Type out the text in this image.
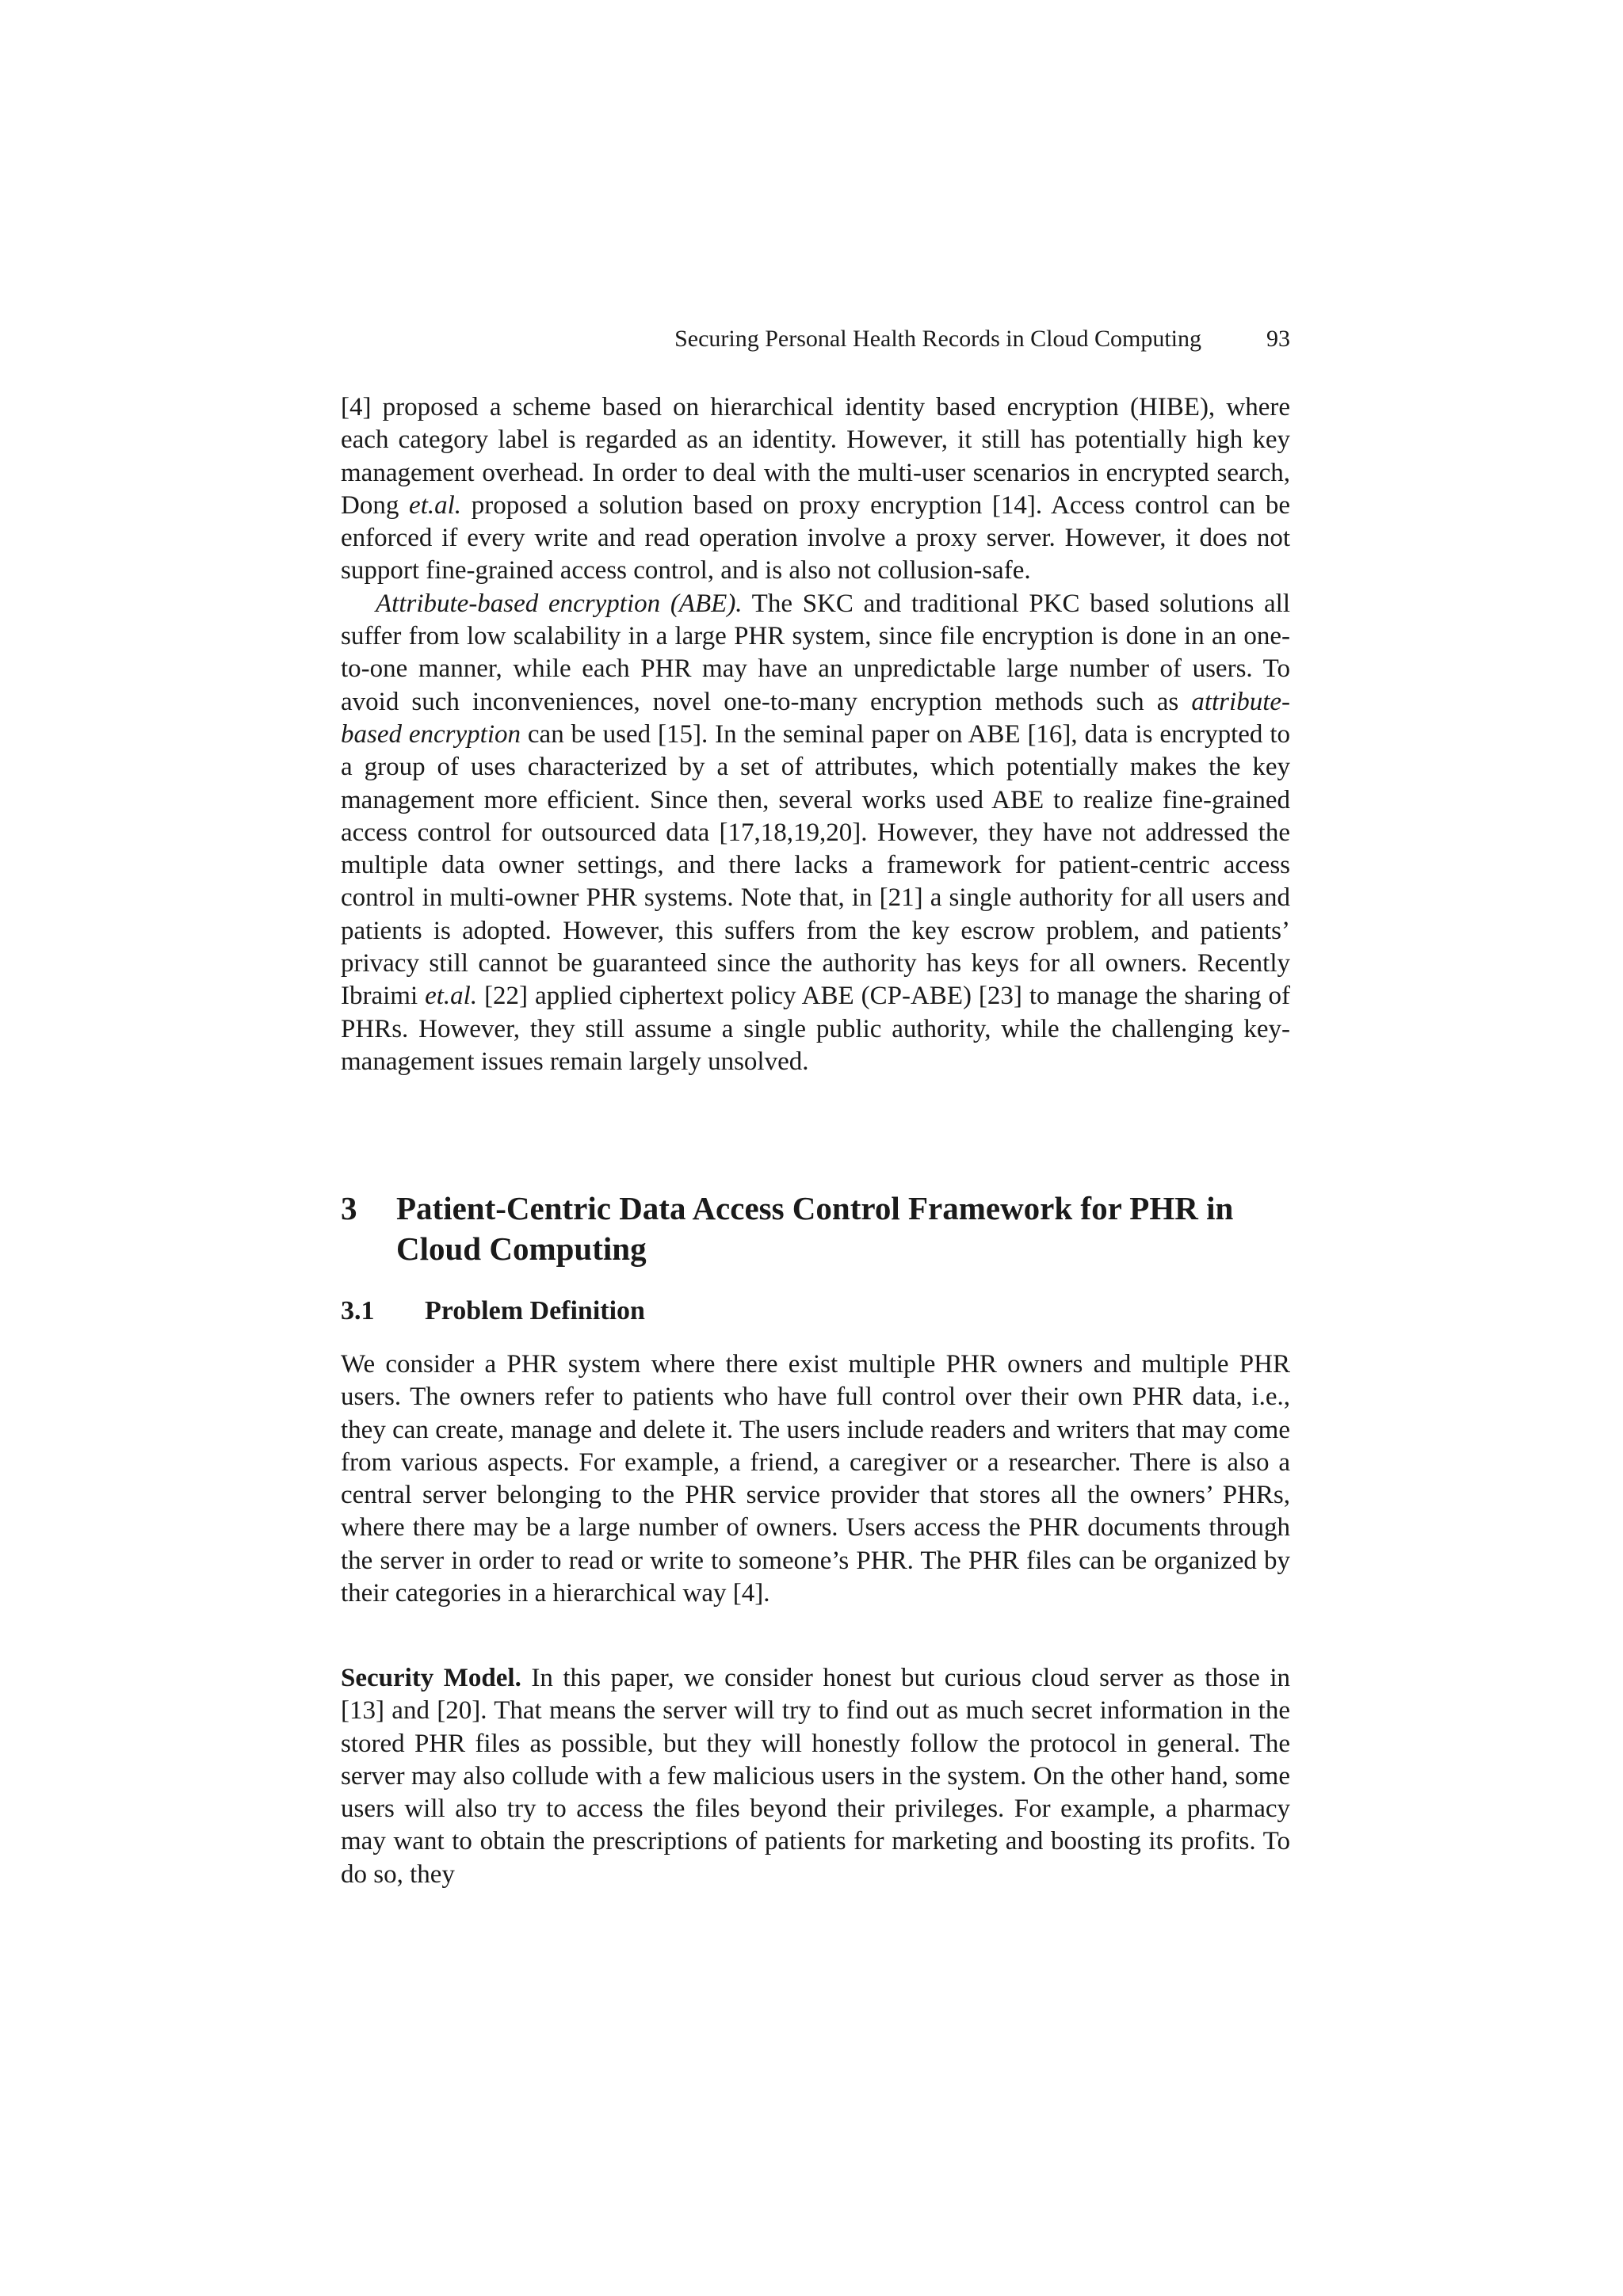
Securing Personal Health Records in Cloud Computing	93

[4] proposed a scheme based on hierarchical identity based encryption (HIBE), where each category label is regarded as an identity. However, it still has potentially high key management overhead. In order to deal with the multi-user scenarios in encrypted search, Dong et.al. proposed a solution based on proxy encryption [14]. Access control can be enforced if every write and read operation involve a proxy server. However, it does not support fine-grained access control, and is also not collusion-safe.

Attribute-based encryption (ABE). The SKC and traditional PKC based solutions all suffer from low scalability in a large PHR system, since file encryption is done in an one-to-one manner, while each PHR may have an unpredictable large number of users. To avoid such inconveniences, novel one-to-many encryption methods such as attribute-based encryption can be used [15]. In the seminal paper on ABE [16], data is encrypted to a group of uses characterized by a set of attributes, which potentially makes the key management more efficient. Since then, several works used ABE to realize fine-grained access control for outsourced data [17,18,19,20]. However, they have not addressed the multiple data owner settings, and there lacks a framework for patient-centric access control in multi-owner PHR systems. Note that, in [21] a single authority for all users and patients is adopted. However, this suffers from the key escrow problem, and patients’ privacy still cannot be guaranteed since the authority has keys for all owners. Recently Ibraimi et.al. [22] applied ciphertext policy ABE (CP-ABE) [23] to manage the sharing of PHRs. However, they still assume a single public authority, while the challenging key-management issues remain largely unsolved.

3 Patient-Centric Data Access Control Framework for PHR in Cloud Computing
3.1 Problem Definition

We consider a PHR system where there exist multiple PHR owners and multiple PHR users. The owners refer to patients who have full control over their own PHR data, i.e., they can create, manage and delete it. The users include readers and writers that may come from various aspects. For example, a friend, a caregiver or a researcher. There is also a central server belonging to the PHR service provider that stores all the owners’ PHRs, where there may be a large number of owners. Users access the PHR documents through the server in order to read or write to someone’s PHR. The PHR files can be organized by their categories in a hierarchical way [4].

Security Model. In this paper, we consider honest but curious cloud server as those in [13] and [20]. That means the server will try to find out as much secret information in the stored PHR files as possible, but they will honestly follow the protocol in general. The server may also collude with a few malicious users in the system. On the other hand, some users will also try to access the files beyond their privileges. For example, a pharmacy may want to obtain the prescriptions of patients for marketing and boosting its profits. To do so, they
